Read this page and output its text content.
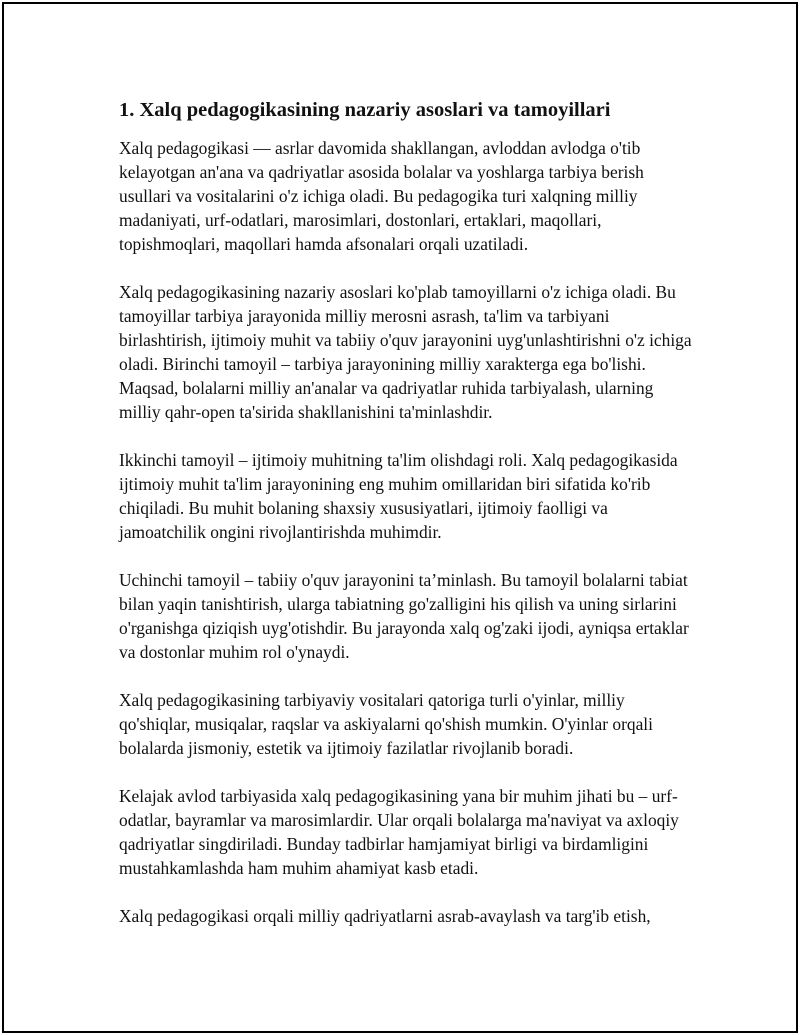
1. Xalq pedagogikasining nazariy asoslari va tamoyillari

Xalq pedagogikasi — asrlar davomida shakllangan, avloddan avlodga o'tib kelayotgan an'ana va qadriyatlar asosida bolalar va yoshlarga tarbiya berish usullari va vositalarini o'z ichiga oladi. Bu pedagogika turi xalqning milliy madaniyati, urf-odatlari, marosimlari, dostonlari, ertaklari, maqollari, topishmoqlari, maqollari hamda afsonalari orqali uzatiladi.

Xalq pedagogikasining nazariy asoslari ko'plab tamoyillarni o'z ichiga oladi. Bu tamoyillar tarbiya jarayonida milliy merosni asrash, ta'lim va tarbiyani birlashtirish, ijtimoiy muhit va tabiiy o'quv jarayonini uyg'unlashtirishni o'z ichiga oladi. Birinchi tamoyil – tarbiya jarayonining milliy xarakterga ega bo'lishi. Maqsad, bolalarni milliy an'analar va qadriyatlar ruhida tarbiyalash, ularning milliy qahr-open ta'sirida shakllanishini ta'minlashdir.

Ikkinchi tamoyil – ijtimoiy muhitning ta'lim olishdagi roli. Xalq pedagogikasida ijtimoiy muhit ta'lim jarayonining eng muhim omillaridan biri sifatida ko'rib chiqiladi. Bu muhit bolaning shaxsiy xususiyatlari, ijtimoiy faolligi va jamoatchilik ongini rivojlantirishda muhimdir.

Uchinchi tamoyil – tabiiy o'quv jarayonini ta’minlash. Bu tamoyil bolalarni tabiat bilan yaqin tanishtirish, ularga tabiatning go'zalligini his qilish va uning sirlarini o'rganishga qiziqish uyg'otishdir. Bu jarayonda xalq og'zaki ijodi, ayniqsa ertaklar va dostonlar muhim rol o'ynaydi.

Xalq pedagogikasining tarbiyaviy vositalari qatoriga turli o'yinlar, milliy qo'shiqlar, musiqalar, raqslar va askiyalarni qo'shish mumkin. O'yinlar orqali bolalarda jismoniy, estetik va ijtimoiy fazilatlar rivojlanib boradi.

Kelajak avlod tarbiyasida xalq pedagogikasining yana bir muhim jihati bu – urf-odatlar, bayramlar va marosimlardir. Ular orqali bolalarga ma'naviyat va axloqiy qadriyatlar singdiriladi. Bunday tadbirlar hamjamiyat birligi va birdamligini mustahkamlashda ham muhim ahamiyat kasb etadi.

Xalq pedagogikasi orqali milliy qadriyatlarni asrab-avaylash va targ'ib etish,
